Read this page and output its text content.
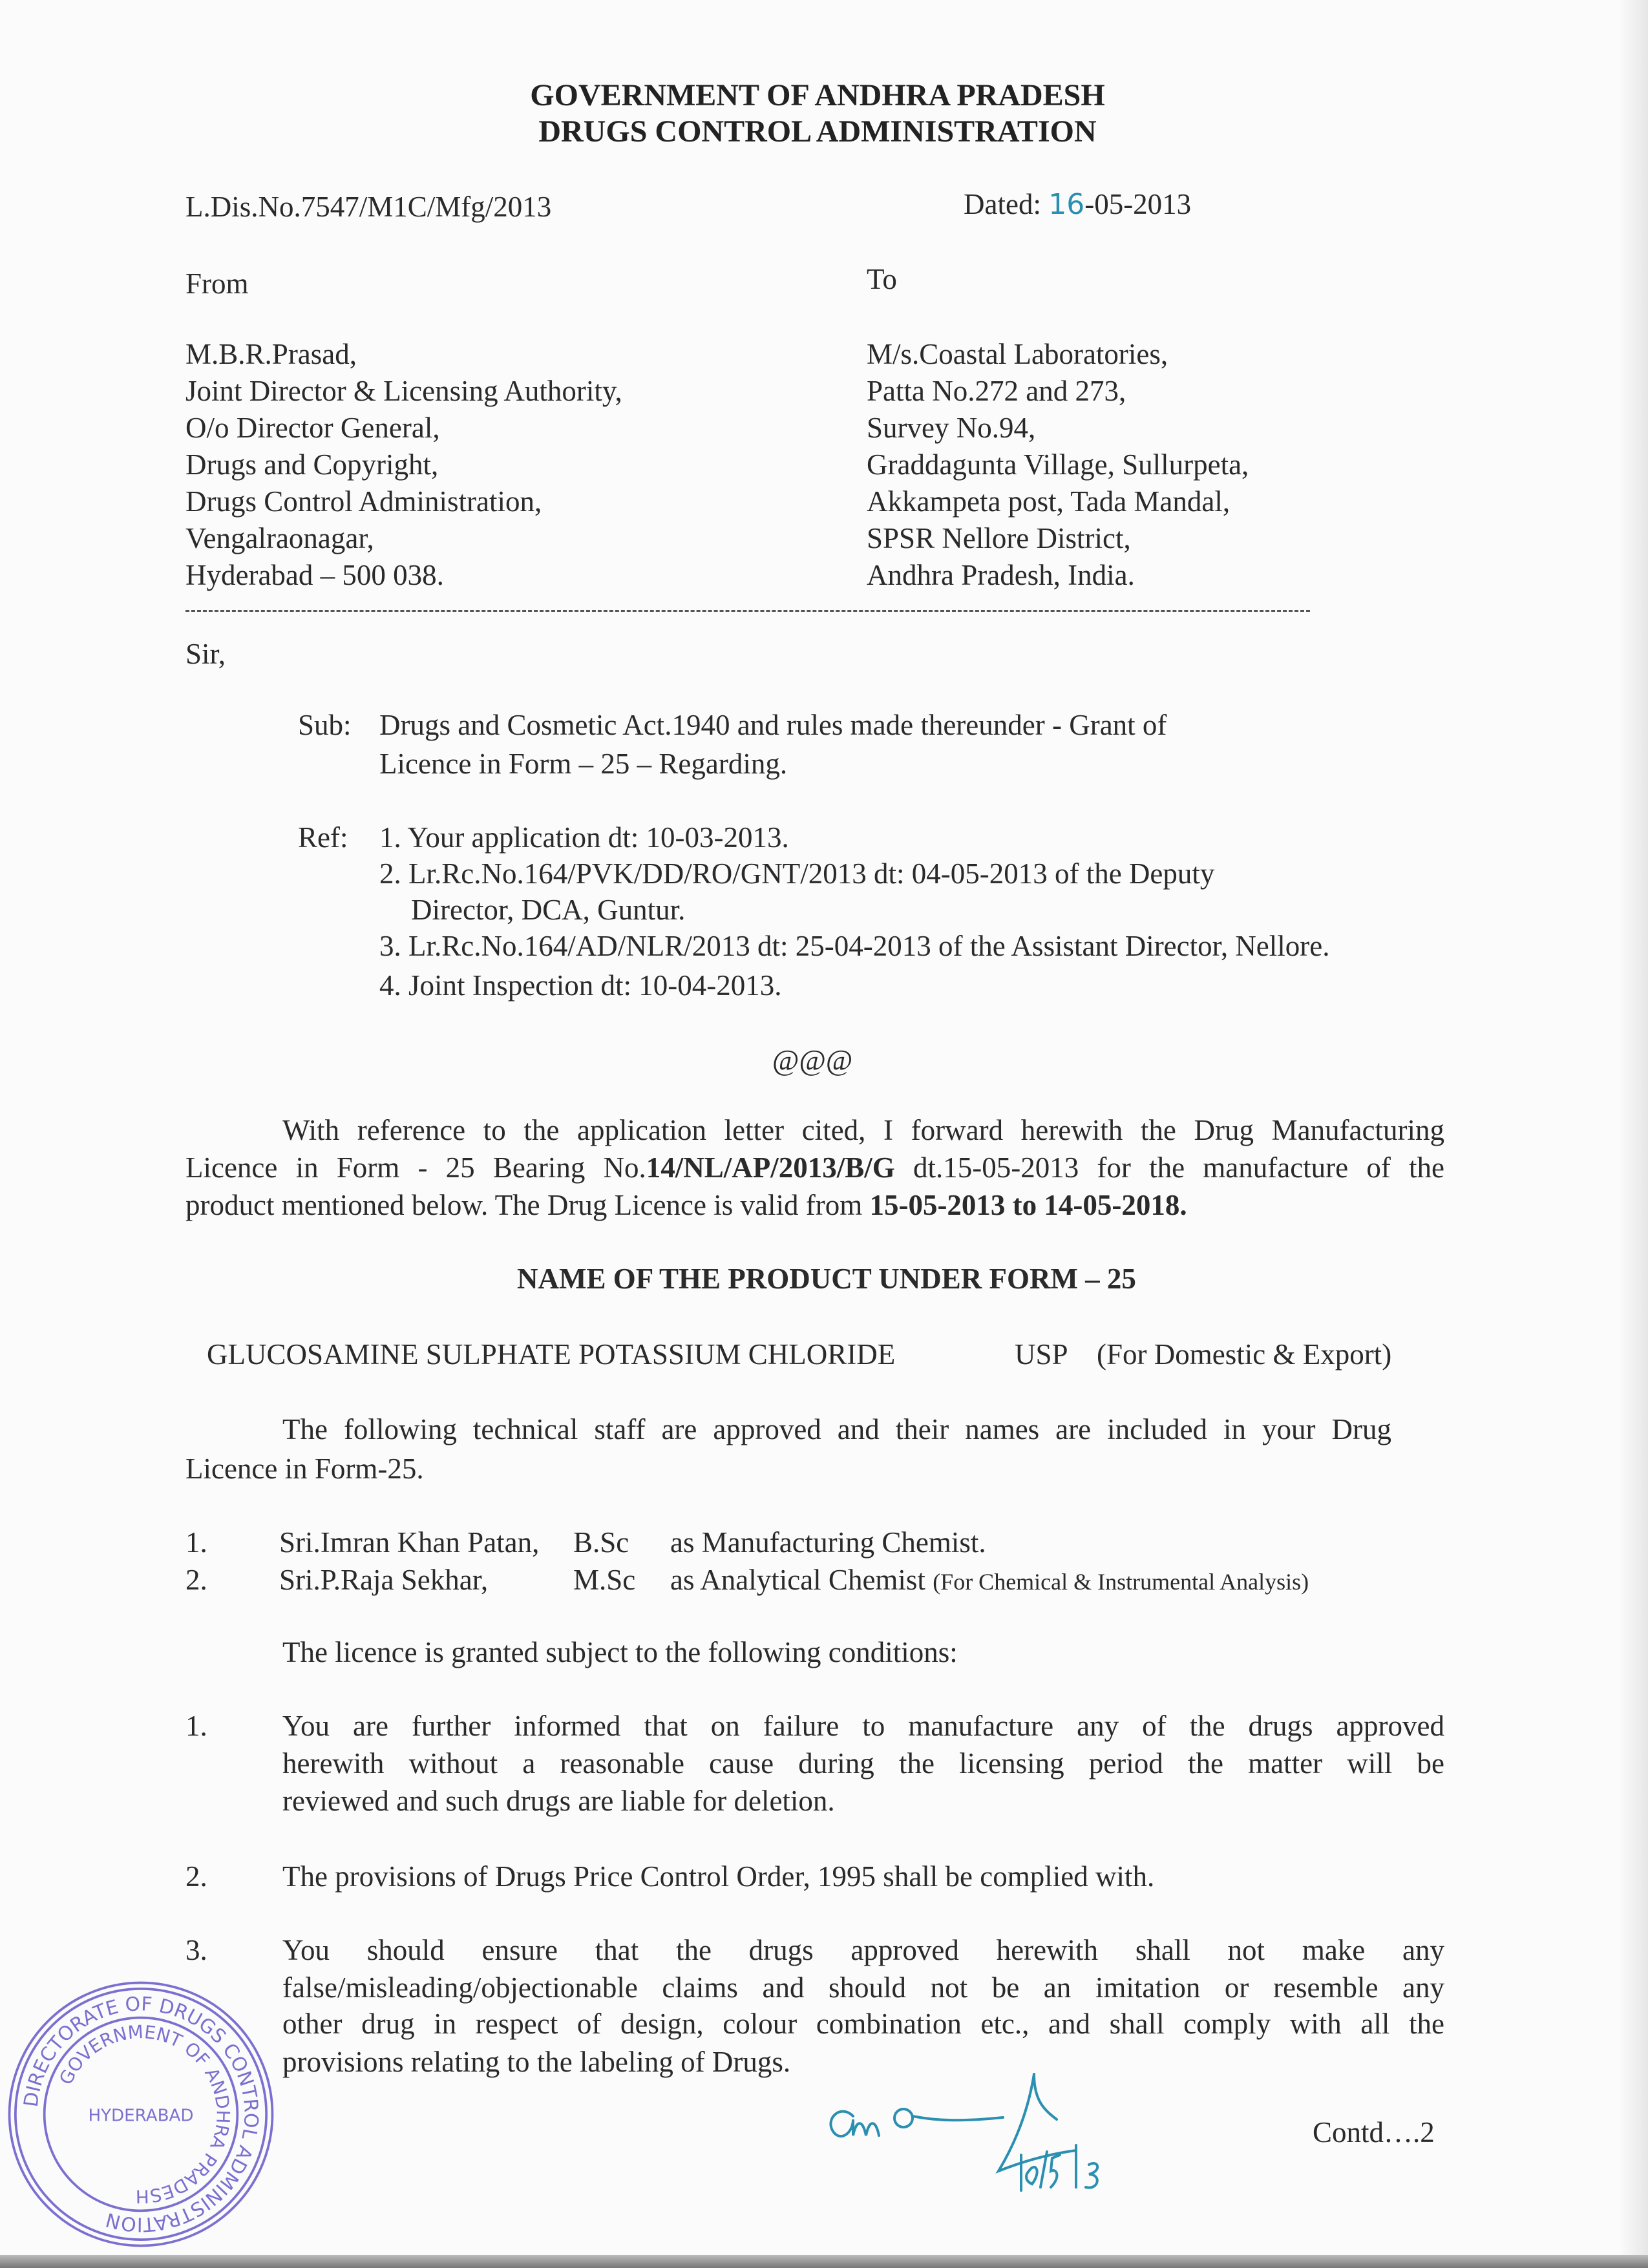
GOVERNMENT OF ANDHRA PRADESH
DRUGS CONTROL ADMINISTRATION
L.Dis.No.7547/M1C/Mfg/2013	Dated: 16-05-2013
From	To
M.B.R.Prasad,
Joint Director & Licensing Authority,
O/o Director General,
Drugs and Copyright,
Drugs Control Administration,
Vengalraonagar,
Hyderabad – 500 038.
M/s.Coastal Laboratories,
Patta No.272 and 273,
Survey No.94,
Graddagunta Village, Sullurpeta,
Akkampeta post, Tada Mandal,
SPSR Nellore District,
Andhra Pradesh, India.
Sir,
Sub: Drugs and Cosmetic Act.1940 and rules made thereunder - Grant of
Licence in Form – 25 – Regarding.
Ref: 1. Your application dt: 10-03-2013.
2. Lr.Rc.No.164/PVK/DD/RO/GNT/2013 dt: 04-05-2013 of the Deputy
Director, DCA, Guntur.
3. Lr.Rc.No.164/AD/NLR/2013 dt: 25-04-2013 of the Assistant Director, Nellore.
4. Joint Inspection dt: 10-04-2013.
@@@
With reference to the application letter cited, I forward herewith the Drug Manufacturing
Licence in Form - 25 Bearing No.14/NL/AP/2013/B/G dt.15-05-2013 for the manufacture of the
product mentioned below. The Drug Licence is valid from 15-05-2013 to 14-05-2018.
NAME OF THE PRODUCT UNDER FORM – 25
GLUCOSAMINE SULPHATE POTASSIUM CHLORIDE	USP (For Domestic & Export)
The following technical staff are approved and their names are included in your Drug
Licence in Form-25.
1. Sri.Imran Khan Patan, B.Sc as Manufacturing Chemist.
2. Sri.P.Raja Sekhar,	M.Sc as Analytical Chemist (For Chemical & Instrumental Analysis)
The licence is granted subject to the following conditions:
1.	You are further informed that on failure to manufacture any of the drugs approved
herewith without a reasonable cause during the licensing period the matter will be
reviewed and such drugs are liable for deletion.
2.	The provisions of Drugs Price Control Order, 1995 shall be complied with.
3.	You should ensure that the drugs approved herewith shall not make any
false/misleading/objectionable claims and should not be an imitation or resemble any
other drug in respect of design, colour combination etc., and shall comply with all the
provisions relating to the labeling of Drugs.
Contd….2
DIRECTORATE OF DRUGS CONTROL ADMINISTRATION
GOVERNMENT OF ANDHRA PRADESH
HYDERABAD
